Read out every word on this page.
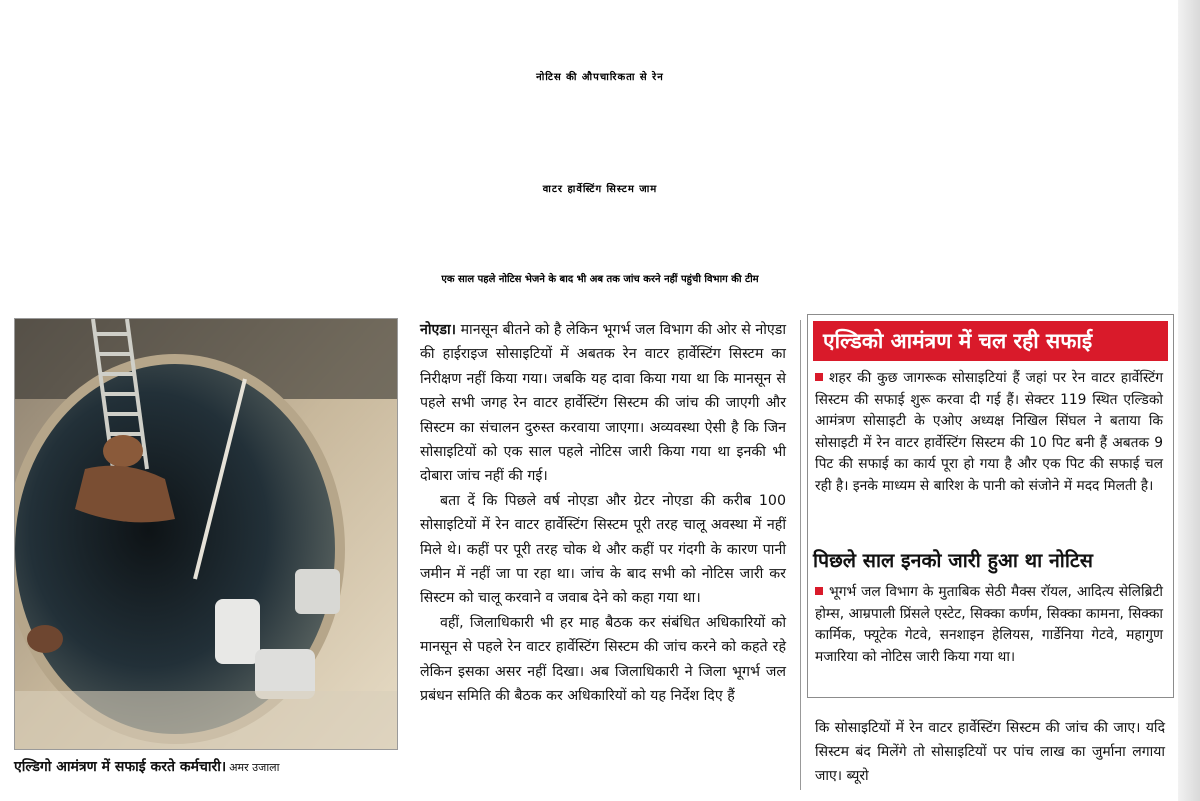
नोटिस की औपचारिकता से रेन
वाटर हार्वेस्टिंग सिस्टम जाम
एक साल पहले नोटिस भेजने के बाद भी अब तक जांच करने नहीं पहुंची विभाग की टीम
एल्डिगो आमंत्रण में सफाई करते कर्मचारी। अमर उजाला

नोएडा। मानसून बीतने को है लेकिन भूगर्भ जल विभाग की ओर से नोएडा की हाईराइज सोसाइटियों में अबतक रेन वाटर हार्वेस्टिंग सिस्टम का निरीक्षण नहीं किया गया। जबकि यह दावा किया गया था कि मानसून से पहले सभी जगह रेन वाटर हार्वेस्टिंग सिस्टम की जांच की जाएगी और सिस्टम का संचालन दुरुस्त करवाया जाएगा। अव्यवस्था ऐसी है कि जिन सोसाइटियों को एक साल पहले नोटिस जारी किया गया था इनकी भी दोबारा जांच नहीं की गई।

बता दें कि पिछले वर्ष नोएडा और ग्रेटर नोएडा की करीब 100 सोसाइटियों में रेन वाटर हार्वेस्टिंग सिस्टम पूरी तरह चालू अवस्था में नहीं मिले थे। कहीं पर पूरी तरह चोक थे और कहीं पर गंदगी के कारण पानी जमीन में नहीं जा पा रहा था। जांच के बाद सभी को नोटिस जारी कर सिस्टम को चालू करवाने व जवाब देने को कहा गया था।

वहीं, जिलाधिकारी भी हर माह बैठक कर संबंधित अधिकारियों को मानसून से पहले रेन वाटर हार्वेस्टिंग सिस्टम की जांच करने को कहते रहे लेकिन इसका असर नहीं दिखा। अब जिलाधिकारी ने जिला भूगर्भ जल प्रबंधन समिति की बैठक कर अधिकारियों को यह निर्देश दिए हैं

एल्डिको आमंत्रण में चल रही सफाई
शहर की कुछ जागरूक सोसाइटियां हैं जहां पर रेन वाटर हार्वेस्टिंग सिस्टम की सफाई शुरू करवा दी गई हैं। सेक्टर 119 स्थित एल्डिको आमंत्रण सोसाइटी के एओए अध्यक्ष निखिल सिंघल ने बताया कि सोसाइटी में रेन वाटर हार्वेस्टिंग सिस्टम की 10 पिट बनी हैं अबतक 9 पिट की सफाई का कार्य पूरा हो गया है और एक पिट की सफाई चल रही है। इनके माध्यम से बारिश के पानी को संजोने में मदद मिलती है।
पिछले साल इनको जारी हुआ था नोटिस
भूगर्भ जल विभाग के मुताबिक सेठी मैक्स रॉयल, आदित्य सेलिब्रिटी होम्स, आम्रपाली प्रिंसले एस्टेट, सिक्का कर्णम, सिक्का कामना, सिक्का कार्मिक, फ्यूटेक गेटवे, सनशाइन हेलियस, गार्डेनिया गेटवे, महागुण मजारिया को नोटिस जारी किया गया था।

कि सोसाइटियों में रेन वाटर हार्वेस्टिंग सिस्टम की जांच की जाए। यदि सिस्टम बंद मिलेंगे तो सोसाइटियों पर पांच लाख का जुर्माना लगाया जाए। ब्यूरो
